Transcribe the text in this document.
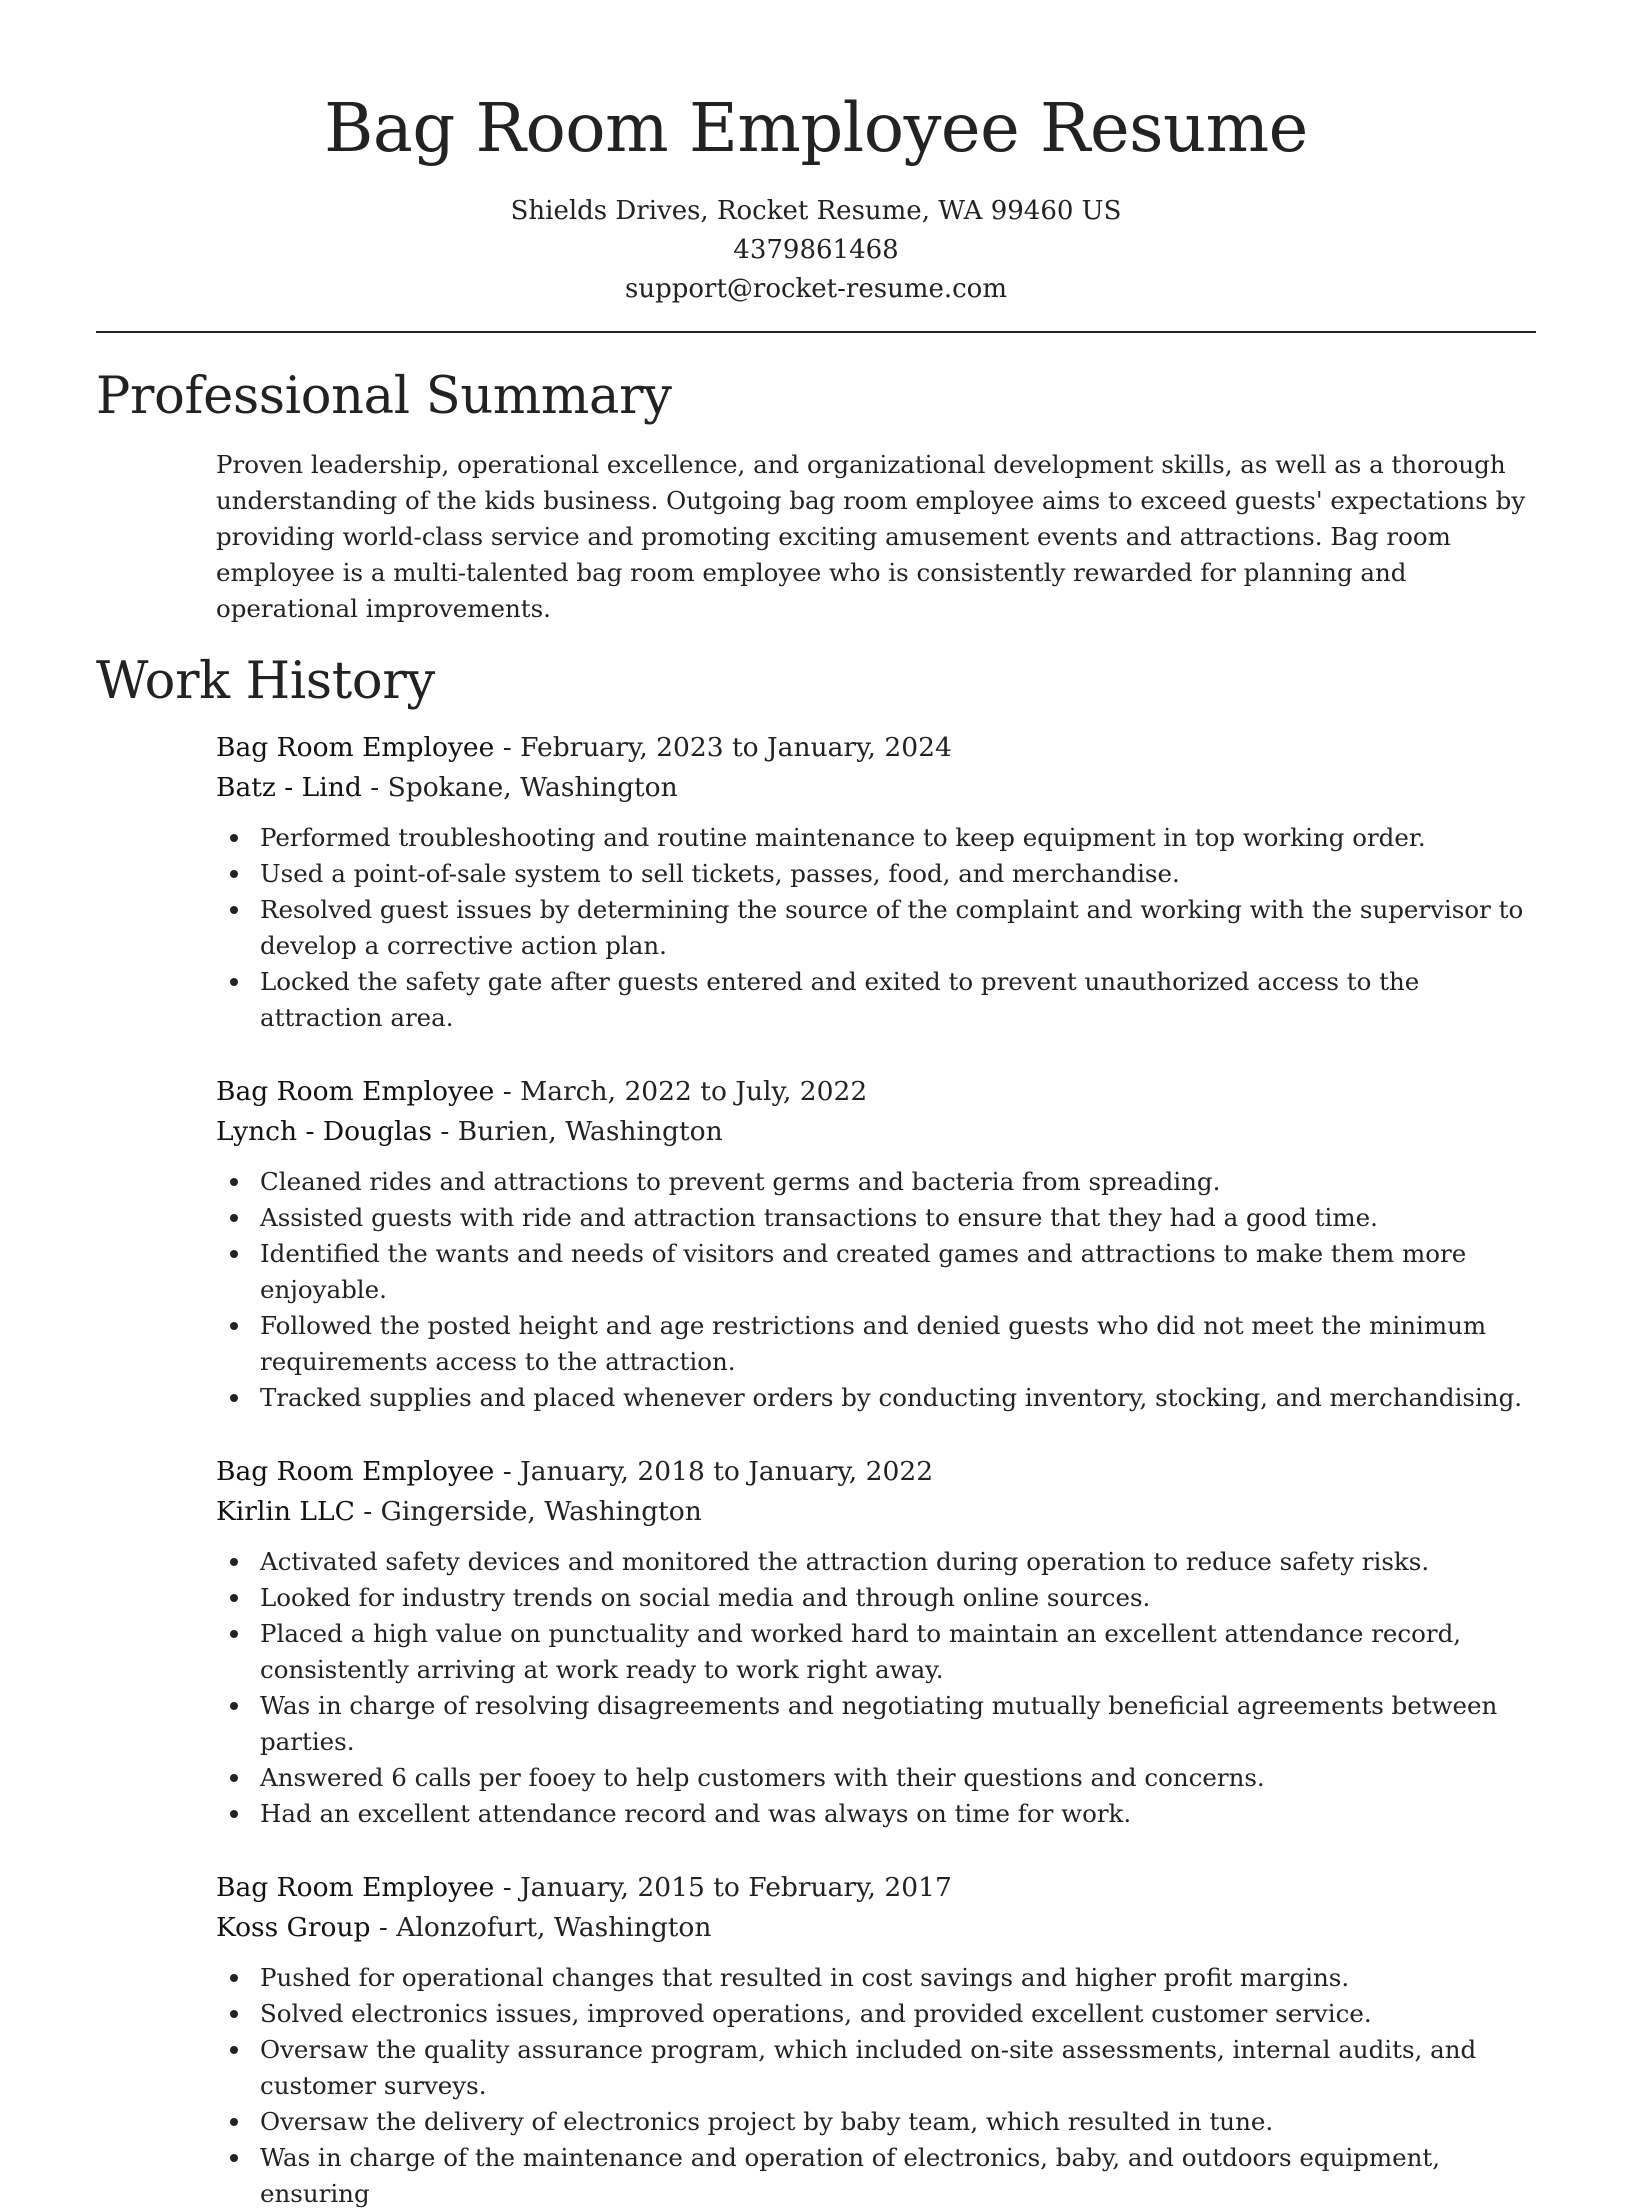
Bag Room Employee Resume
Shields Drives, Rocket Resume, WA 99460 US
4379861468
support@rocket-resume.com
Professional Summary

Proven leadership, operational excellence, and organizational development skills, as well as a thorough understanding of the kids business. Outgoing bag room employee aims to exceed guests' expectations by providing world-class service and promoting exciting amusement events and attractions. Bag room employee is a multi-talented bag room employee who is consistently rewarded for planning and operational improvements.

Work History
Bag Room Employee - February, 2023 to January, 2024
Batz - Lind - Spokane, Washington
Performed troubleshooting and routine maintenance to keep equipment in top working order.
Used a point-of-sale system to sell tickets, passes, food, and merchandise.
Resolved guest issues by determining the source of the complaint and working with the supervisor to develop a corrective action plan.
Locked the safety gate after guests entered and exited to prevent unauthorized access to the attraction area.
Bag Room Employee - March, 2022 to July, 2022
Lynch - Douglas - Burien, Washington
Cleaned rides and attractions to prevent germs and bacteria from spreading.
Assisted guests with ride and attraction transactions to ensure that they had a good time.
Identified the wants and needs of visitors and created games and attractions to make them more enjoyable.
Followed the posted height and age restrictions and denied guests who did not meet the minimum requirements access to the attraction.
Tracked supplies and placed whenever orders by conducting inventory, stocking, and merchandising.
Bag Room Employee - January, 2018 to January, 2022
Kirlin LLC - Gingerside, Washington
Activated safety devices and monitored the attraction during operation to reduce safety risks.
Looked for industry trends on social media and through online sources.
Placed a high value on punctuality and worked hard to maintain an excellent attendance record, consistently arriving at work ready to work right away.
Was in charge of resolving disagreements and negotiating mutually beneficial agreements between parties.
Answered 6 calls per fooey to help customers with their questions and concerns.
Had an excellent attendance record and was always on time for work.
Bag Room Employee - January, 2015 to February, 2017
Koss Group - Alonzofurt, Washington
Pushed for operational changes that resulted in cost savings and higher profit margins.
Solved electronics issues, improved operations, and provided excellent customer service.
Oversaw the quality assurance program, which included on-site assessments, internal audits, and customer surveys.
Oversaw the delivery of electronics project by baby team, which resulted in tune.
Was in charge of the maintenance and operation of electronics, baby, and outdoors equipment, ensuring
